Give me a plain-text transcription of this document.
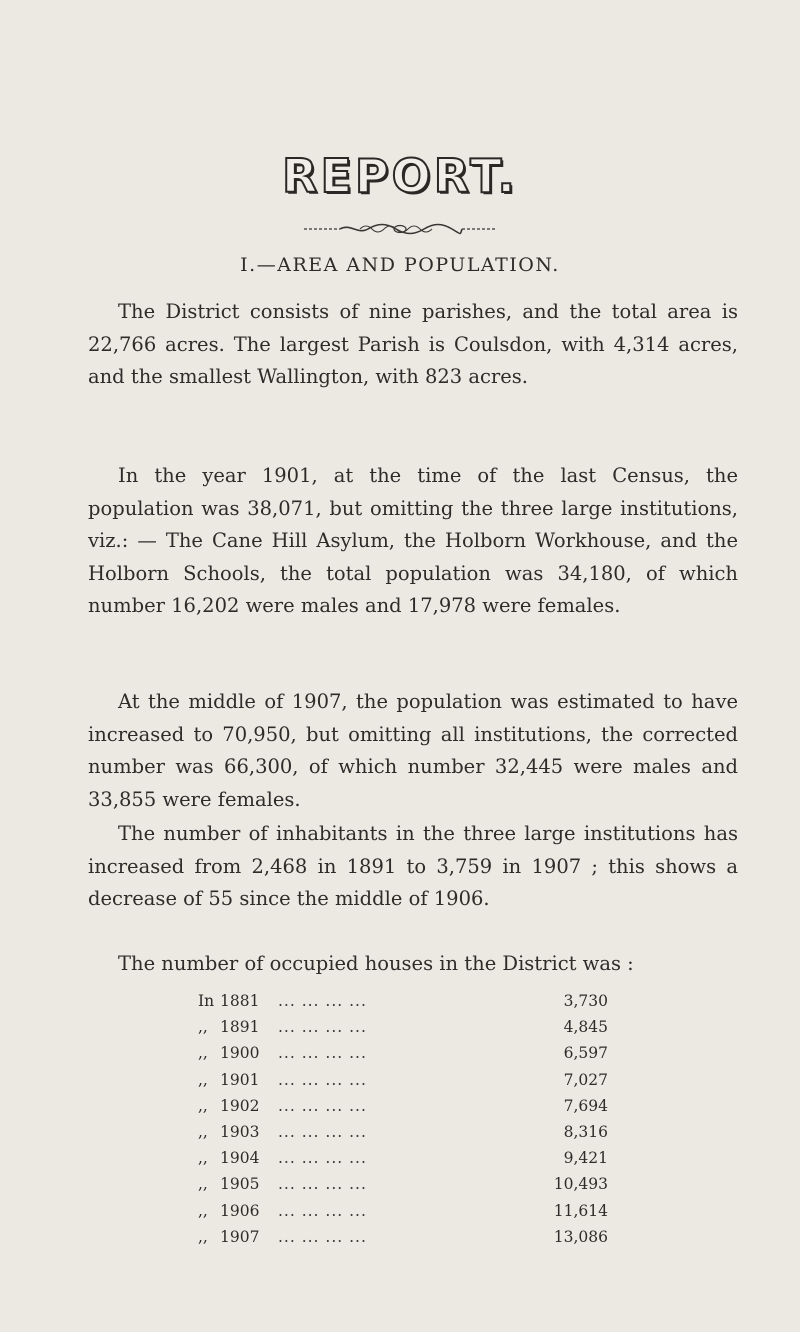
REPORT.
I.—AREA AND POPULATION.

The District consists of nine parishes, and the total area is 22,766 acres. The largest Parish is Coulsdon, with 4,314 acres, and the smallest Wallington, with 823 acres.

In the year 1901, at the time of the last Census, the population was 38,071, but omitting the three large institutions, viz.: — The Cane Hill Asylum, the Holborn Workhouse, and the Holborn Schools, the total population was 34,180, of which number 16,202 were males and 17,978 were females.

At the middle of 1907, the population was estimated to have increased to 70,950, but omitting all institutions, the corrected number was 66,300, of which number 32,445 were males and 33,855 were females.

The number of inhabitants in the three large institutions has increased from 2,468 in 1891 to 3,759 in 1907 ; this shows a decrease of 55 since the middle of 1906.

The number of occupied houses in the District was :

In 1881	... ... ... ...	3,730
,, 1891	... ... ... ...	4,845
,, 1900	... ... ... ...	6,597
,, 1901	... ... ... ...	7,027
,, 1902	... ... ... ...	7,694
,, 1903	... ... ... ...	8,316
,, 1904	... ... ... ...	9,421
,, 1905	... ... ... ...	10,493
,, 1906	... ... ... ...	11,614
,, 1907	... ... ... ...	13,086
